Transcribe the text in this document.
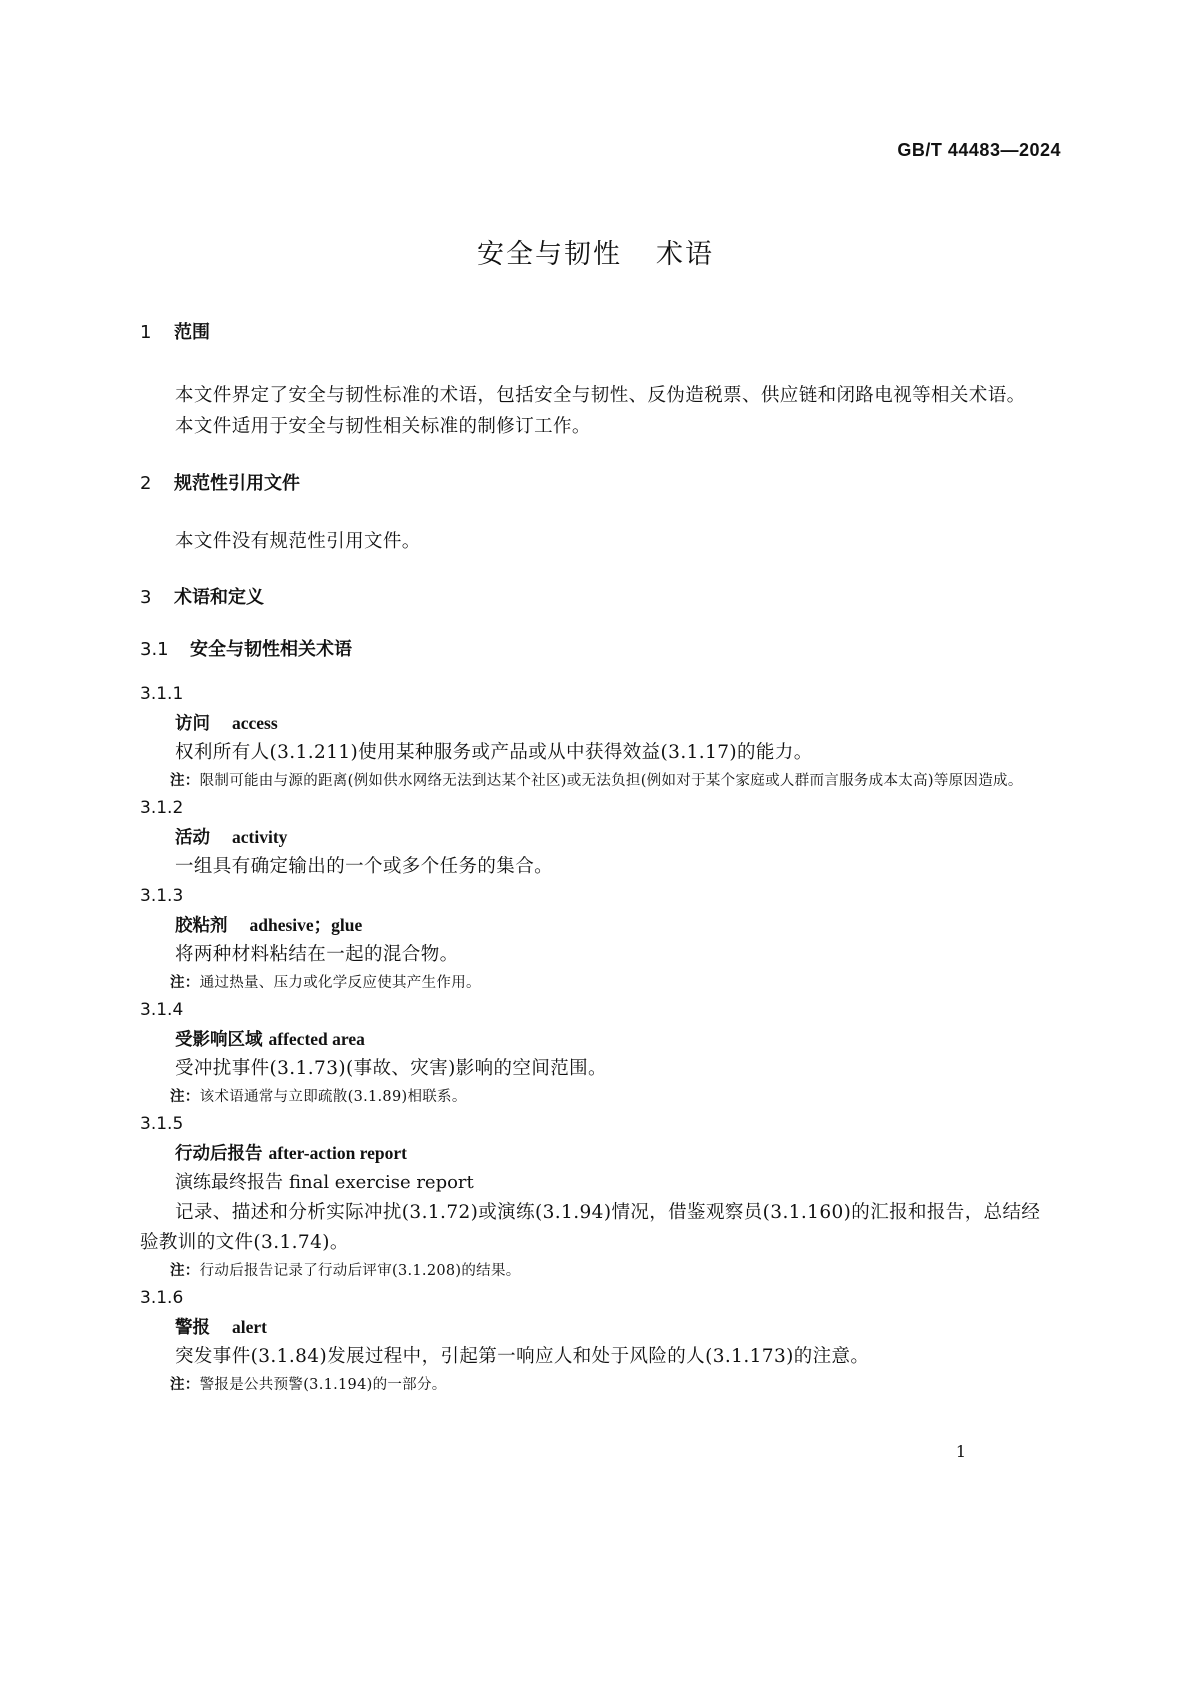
GB/T 44483—2024
安全与韧性 术语
1 范围

本文件界定了安全与韧性标准的术语，包括安全与韧性、反伪造税票、供应链和闭路电视等相关术语。

本文件适用于安全与韧性相关标准的制修订工作。

2 规范性引用文件

本文件没有规范性引用文件。

3 术语和定义
3.1 安全与韧性相关术语
3.1.1
访问 access

权利所有人(3.1.211)使用某种服务或产品或从中获得效益(3.1.17)的能力。

注：限制可能由与源的距离(例如供水网络无法到达某个社区)或无法负担(例如对于某个家庭或人群而言服务成本太高)等原因造成。

3.1.2
活动 activity

一组具有确定输出的一个或多个任务的集合。

3.1.3
胶粘剂 adhesive；glue

将两种材料粘结在一起的混合物。

注：通过热量、压力或化学反应使其产生作用。

3.1.4
受影响区域 affected area

受冲扰事件(3.1.73)(事故、灾害)影响的空间范围。

注：该术语通常与立即疏散(3.1.89)相联系。

3.1.5
行动后报告 after-action report
演练最终报告 final exercise report

记录、描述和分析实际冲扰(3.1.72)或演练(3.1.94)情况，借鉴观察员(3.1.160)的汇报和报告，总结经验教训的文件(3.1.74)。

注：行动后报告记录了行动后评审(3.1.208)的结果。

3.1.6
警报 alert

突发事件(3.1.84)发展过程中，引起第一响应人和处于风险的人(3.1.173)的注意。

注：警报是公共预警(3.1.194)的一部分。

1
